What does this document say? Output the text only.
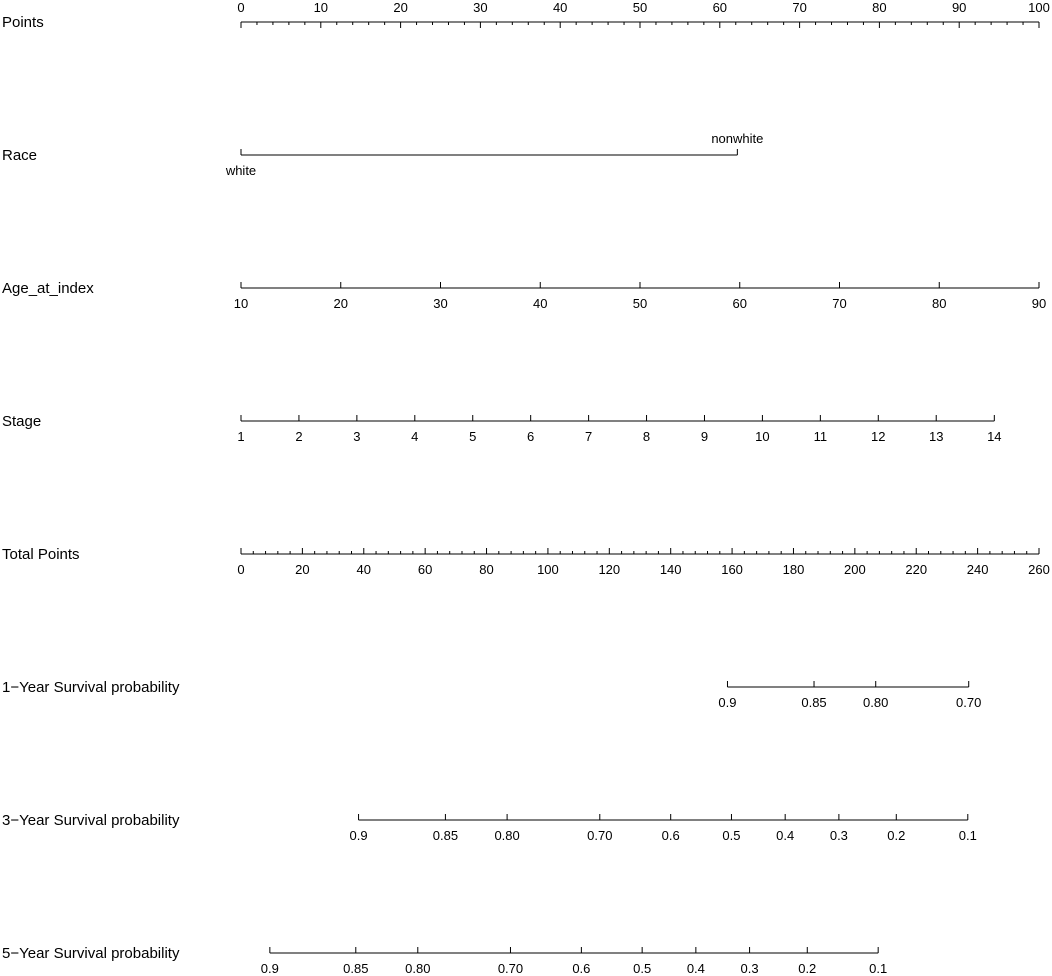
Points
0	10	20	30	40	50	60	70	80	90	100
Race
white
nonwhite
Age_at_index
10	20	30	40	50	60	70	80	90
Stage
1	2	3	4	5	6	7	8	9	10	11	12	13	14
Total Points
0	20	40	60	80	100	120	140	160	180	200	220	240	260
1−Year Survival probability
0.9	0.85	0.80	0.70
3−Year Survival probability
0.9	0.85	0.80	0.70	0.6	0.5	0.4	0.3	0.2	0.1
5−Year Survival probability
0.9	0.85	0.80	0.70	0.6	0.5	0.4	0.3	0.2	0.1
